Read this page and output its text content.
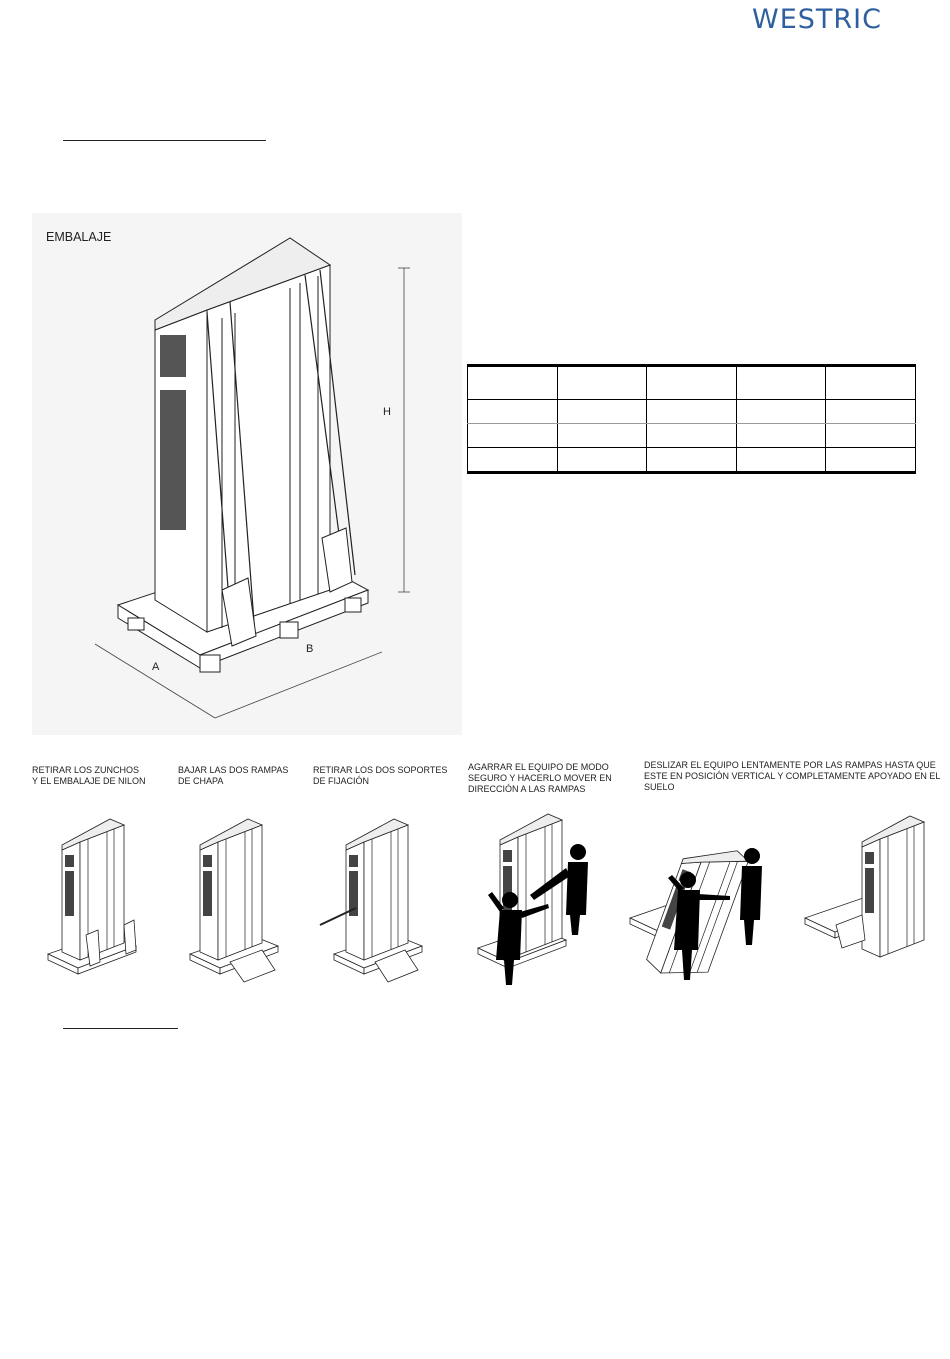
WESTRIC
EMBALAJE
H
A
B

RETIRAR LOS ZUNCHOS
Y EL EMBALAJE DE NILON
BAJAR LAS DOS RAMPAS
DE CHAPA
RETIRAR LOS DOS SOPORTES
DE FIJACIÓN
AGARRAR EL EQUIPO DE MODO
SEGURO Y HACERLO MOVER EN
DIRECCIÓN A LAS RAMPAS
DESLIZAR EL EQUIPO LENTAMENTE POR LAS RAMPAS HASTA QUE
ESTE EN POSICIÓN VERTICAL Y COMPLETAMENTE APOYADO EN EL
SUELO
